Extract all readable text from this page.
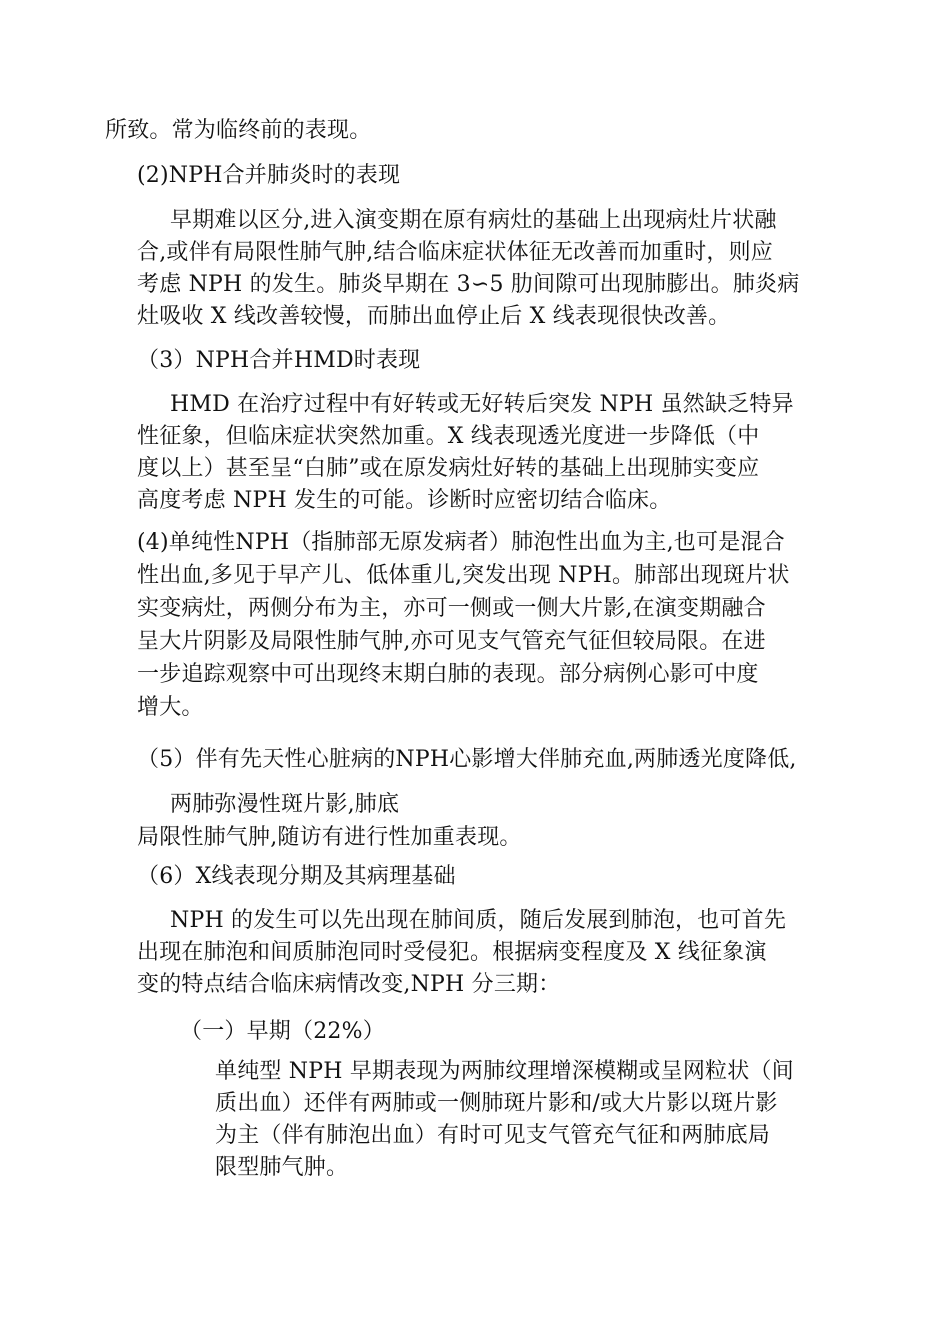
所致。常为临终前的表现。
(2)NPH合并肺炎时的表现
早期难以区分,进入演变期在原有病灶的基础上出现病灶片状融
合,或伴有局限性肺气肿,结合临床症状体征无改善而加重时，则应
考虑 NPH 的发生。肺炎早期在 3∽5 肋间隙可出现肺膨出。肺炎病
灶吸收 X 线改善较慢，而肺出血停止后 X 线表现很快改善。
（3）NPH合并HMD时表现
HMD 在治疗过程中有好转或无好转后突发 NPH 虽然缺乏特异
性征象，但临床症状突然加重。X 线表现透光度进一步降低（中
度以上）甚至呈“白肺”或在原发病灶好转的基础上出现肺实变应
高度考虑 NPH 发生的可能。诊断时应密切结合临床。
(4)单纯性NPH（指肺部无原发病者）肺泡性出血为主,也可是混合
性出血,多见于早产儿、低体重儿,突发出现 NPH。肺部出现斑片状
实变病灶，两侧分布为主，亦可一侧或一侧大片影,在演变期融合
呈大片阴影及局限性肺气肿,亦可见支气管充气征但较局限。在进
一步追踪观察中可出现终末期白肺的表现。部分病例心影可中度
增大。
（5）伴有先天性心脏病的NPH心影增大伴肺充血,两肺透光度降低,
两肺弥漫性斑片影,肺底
局限性肺气肿,随访有进行性加重表现。
（6）X线表现分期及其病理基础
NPH 的发生可以先出现在肺间质，随后发展到肺泡，也可首先
出现在肺泡和间质肺泡同时受侵犯。根据病变程度及 X 线征象演
变的特点结合临床病情改变,NPH 分三期：
（一）早期（22%）
单纯型 NPH 早期表现为两肺纹理增深模糊或呈网粒状（间
质出血）还伴有两肺或一侧肺斑片影和/或大片影以斑片影
为主（伴有肺泡出血）有时可见支气管充气征和两肺底局
限型肺气肿。
